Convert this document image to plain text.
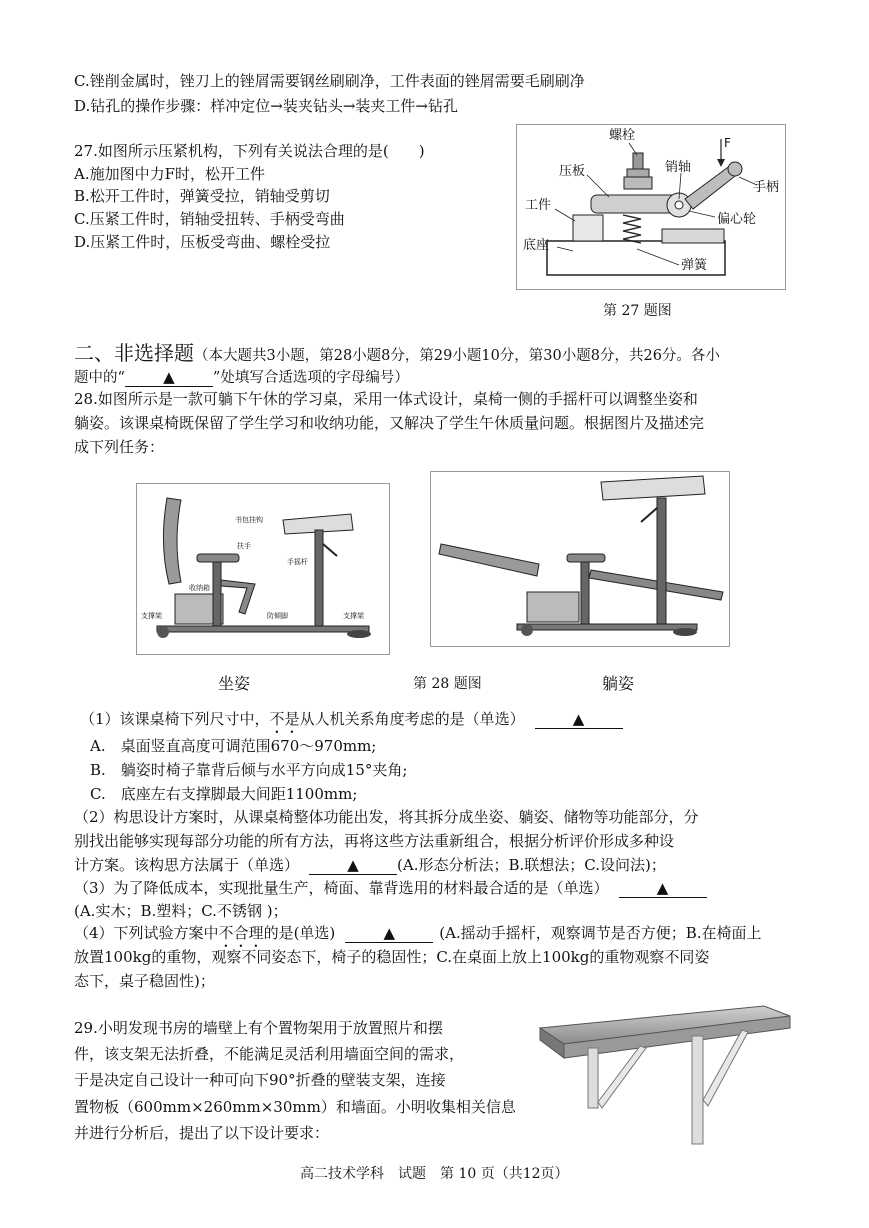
C.锉削金属时，锉刀上的锉屑需要钢丝刷刷净，工件表面的锉屑需要毛刷刷净
D.钻孔的操作步骤：样冲定位→装夹钻头→装夹工件→钻孔
27.如图所示压紧机构，下列有关说法合理的是(　　)
A.施加图中力F时，松开工件
B.松开工件时，弹簧受拉，销轴受剪切
C.压紧工件时，销轴受扭转、手柄受弯曲
D.压紧工件时，压板受弯曲、螺栓受拉
螺栓	F
压板	销轴
手柄
工件
偏心轮
底座
弹簧
第 27 题图
二、非选择题（本大题共3小题，第28小题8分，第29小题10分，第30小题8分，共26分。各小
题中的“	▲	”处填写合适选项的字母编号）
28.如图所示是一款可躺下午休的学习桌，采用一体式设计，桌椅一侧的手摇杆可以调整坐姿和
躺姿。该课桌椅既保留了学生学习和收纳功能，又解决了学生午休质量问题。根据图片及描述完
成下列任务：
书包挂钩
扶手
手摇杆
收纳箱
支撑架	防倾脚	支撑架
坐姿	第 28 题图	躺姿
（1）该课桌椅下列尺寸中，不是从人机关系角度考虑的是（单选）	▲
A.　桌面竖直高度可调范围670～970mm;
B.　躺姿时椅子靠背后倾与水平方向成15°夹角;
C.　底座左右支撑脚最大间距1100mm;
（2）构思设计方案时，从课桌椅整体功能出发，将其拆分成坐姿、躺姿、储物等功能部分，分
别找出能够实现每部分功能的所有方法，再将这些方法重新组合，根据分析评价形成多种设
计方案。该构思方法属于（单选）	▲	(A.形态分析法；B.联想法；C.设问法)；
（3）为了降低成本，实现批量生产，椅面、靠背选用的材料最合适的是（单选）	▲
(A.实木；B.塑料；C.不锈钢 )；
（4）下列试验方案中不合理的是(单选)	▲	(A.摇动手摇杆，观察调节是否方便；B.在椅面上
放置100kg的重物，观察不同姿态下，椅子的稳固性；C.在桌面上放上100kg的重物观察不同姿
态下，桌子稳固性)；
29.小明发现书房的墙壁上有个置物架用于放置照片和摆
件，该支架无法折叠，不能满足灵活利用墙面空间的需求，
于是决定自己设计一种可向下90°折叠的壁装支架，连接
置物板（600mm×260mm×30mm）和墙面。小明收集相关信息
并进行分析后，提出了以下设计要求：
高二技术学科　试题　第 10 页（共12页）
